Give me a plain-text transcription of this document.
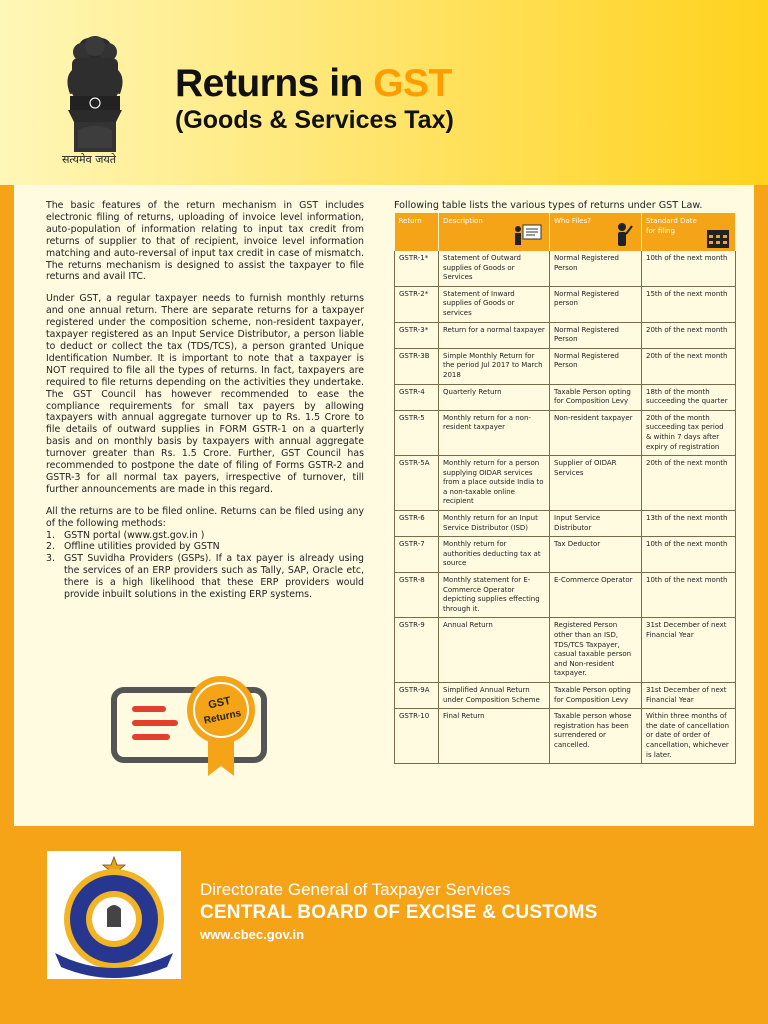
सत्यमेव जयते
Returns in GST
(Goods & Services Tax)

The basic features of the return mechanism in GST includes electronic filing of returns, uploading of invoice level information, auto-population of information relating to input tax credit from returns of supplier to that of recipient, invoice level information matching and auto-reversal of input tax credit in case of mismatch. The returns mechanism is designed to assist the taxpayer to file returns and avail ITC.

Under GST, a regular taxpayer needs to furnish monthly returns and one annual return. There are separate returns for a taxpayer registered under the composition scheme, non-resident taxpayer, taxpayer registered as an Input Service Distributor, a person liable to deduct or collect the tax (TDS/TCS), a person granted Unique Identification Number. It is important to note that a taxpayer is NOT required to file all the types of returns. In fact, taxpayers are required to file returns depending on the activities they undertake. The GST Council has however recommended to ease the compliance requirements for small tax payers by allowing taxpayers with annual aggregate turnover up to Rs. 1.5 Crore to file details of outward supplies in FORM GSTR-1 on a quarterly basis and on monthly basis by taxpayers with annual aggregate turnover greater than Rs. 1.5 Crore. Further, GST Council has recommended to postpone the date of filing of Forms GSTR-2 and GSTR-3 for all normal tax payers, irrespective of turnover, till further announcements are made in this regard.

All the returns are to be filed online. Returns can be filed using any of the following methods:

1. GSTN portal (www.gst.gov.in )
2. Offline utilities provided by GSTN
3. GST Suvidha Providers (GSPs). If a tax payer is already using the services of an ERP providers such as Tally, SAP, Oracle etc, there is a high likelihood that these ERP providers would provide inbuilt solutions in the existing ERP systems.
GST
Returns
Following table lists the various types of returns under GST Law.
Return	Description	Who Files?	Standard Date
for filing

GSTR-1*	Statement of Outward supplies of Goods or Services	Normal Registered Person	10th of the next month
GSTR-2*	Statement of Inward supplies of Goods or services	Normal Registered person	15th of the next month
GSTR-3*	Return for a normal taxpayer	Normal Registered Person	20th of the next month
GSTR-3B	Simple Monthly Return for the period Jul 2017 to March 2018	Normal Registered Person	20th of the next month
GSTR-4	Quarterly Return	Taxable Person opting for Composition Levy	18th of the month succeeding the quarter
GSTR-5	Monthly return for a non-resident taxpayer	Non-resident taxpayer	20th of the month succeeding tax period & within 7 days after expiry of registration
GSTR-5A	Monthly return for a person supplying OIDAR services from a place outside India to a non-taxable online recipient	Supplier of OIDAR Services	20th of the next month
GSTR-6	Monthly return for an Input Service Distributor (ISD)	Input Service Distributor	13th of the next month
GSTR-7	Monthly return for authorities deducting tax at source	Tax Deductor	10th of the next month
GSTR-8	Monthly statement for E-Commerce Operator depicting supplies effecting through it.	E-Commerce Operator	10th of the next month
GSTR-9	Annual Return	Registered Person other than an ISD, TDS/TCS Taxpayer, casual taxable person and Non-resident taxpayer.	31st December of next Financial Year
GSTR-9A	Simplified Annual Return under Composition Scheme	Taxable Person opting for Composition Levy	31st December of next Financial Year
GSTR-10	Final Return	Taxable person whose registration has been surrendered or cancelled.	Within three months of the date of cancellation or date of order of cancellation, whichever is later.
Directorate General of Taxpayer Services
CENTRAL BOARD OF EXCISE & CUSTOMS
www.cbec.gov.in
